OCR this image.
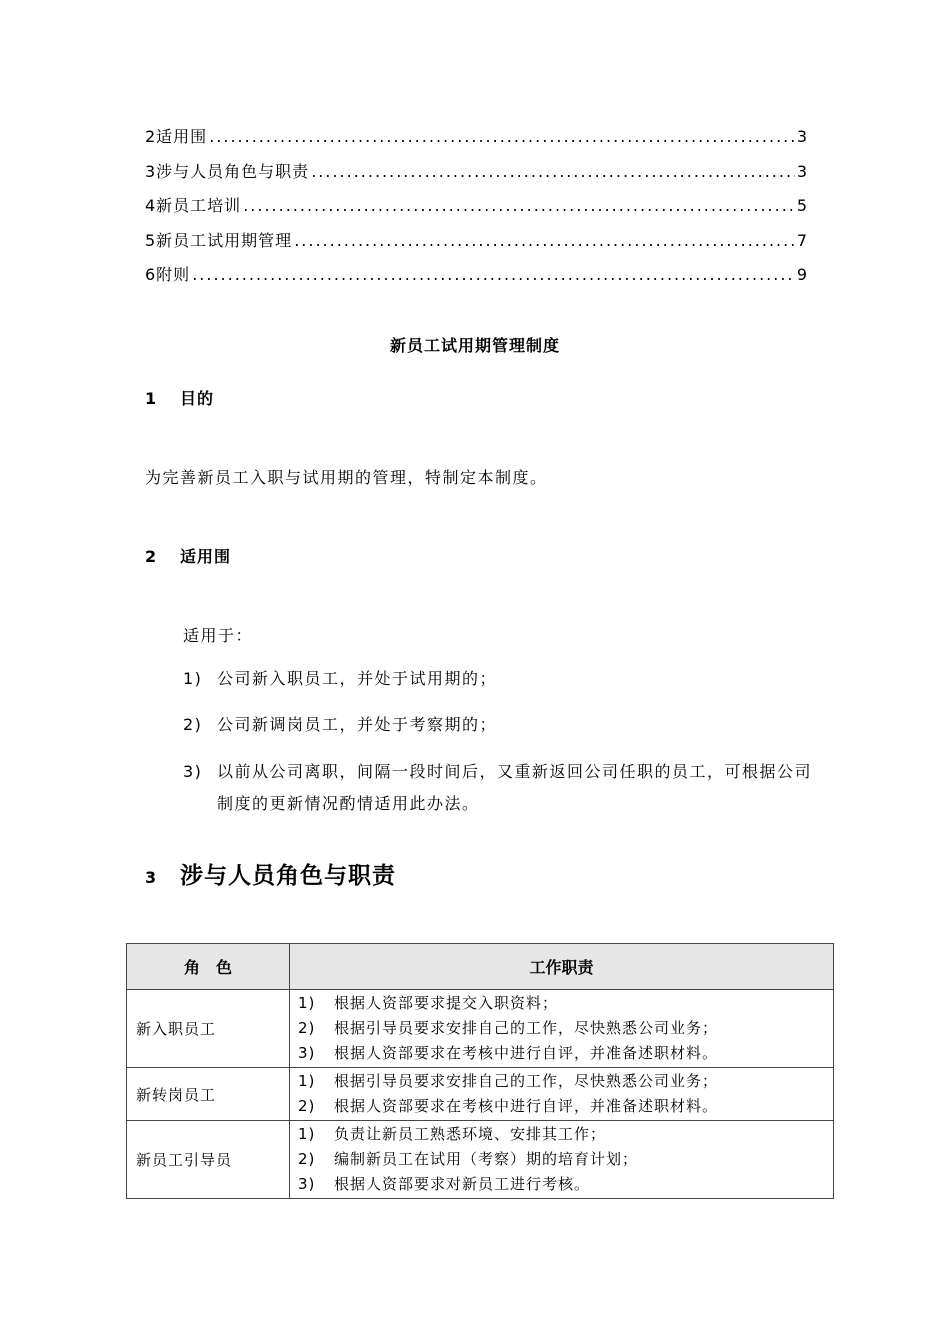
2适用围 .....	3
3涉与人员角色与职责 .....	3
4新员工培训 .....	5
5新员工试用期管理 .....	7
6附则 .....	9
新员工试用期管理制度
1 目的
为完善新员工入职与试用期的管理，特制定本制度。
2 适用围
适用于：
1) 公司新入职员工，并处于试用期的；
2) 公司新调岗员工，并处于考察期的；
3) 以前从公司离职，间隔一段时间后，又重新返回公司任职的员工，可根据公司制度的更新情况酌情适用此办法。
3 涉与人员角色与职责
角　色	工作职责
新入职员工	1) 根据人资部要求提交入职资料；
2) 根据引导员要求安排自己的工作，尽快熟悉公司业务；
3) 根据人资部要求在考核中进行自评，并准备述职材料。

新转岗员工	1) 根据引导员要求安排自己的工作，尽快熟悉公司业务；
2) 根据人资部要求在考核中进行自评，并准备述职材料。

新员工引导员	1) 负责让新员工熟悉环境、安排其工作；
2) 编制新员工在试用（考察）期的培育计划；
3) 根据人资部要求对新员工进行考核。
